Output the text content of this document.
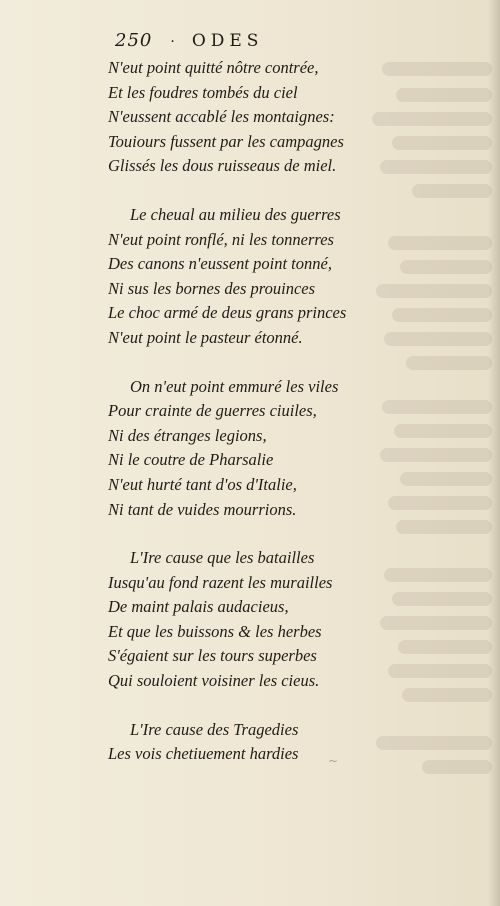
250 · ODES

N'eut point quitté nôtre contrée,
Et les foudres tombés du ciel
N'eussent accablé les montaignes:
Touiours fussent par les campagnes
Glissés les dous ruisseaus de miel.

Le cheual au milieu des guerres
N'eut point ronflé, ni les tonnerres
Des canons n'eussent point tonné,
Ni sus les bornes des prouinces
Le choc armé de deus grans princes
N'eut point le pasteur étonné.

On n'eut point emmuré les viles
Pour crainte de guerres ciuiles,
Ni des étranges legions,
Ni le coutre de Pharsalie
N'eut hurté tant d'os d'Italie,
Ni tant de vuides mourrions.

L'Ire cause que les batailles
Iusqu'au fond razent les murailles
De maint palais audacieus,
Et que les buissons & les herbes
S'égaient sur les tours superbes
Qui souloient voisiner les cieus.

L'Ire cause des Tragedies
Les vois chetiuement hardies	~
